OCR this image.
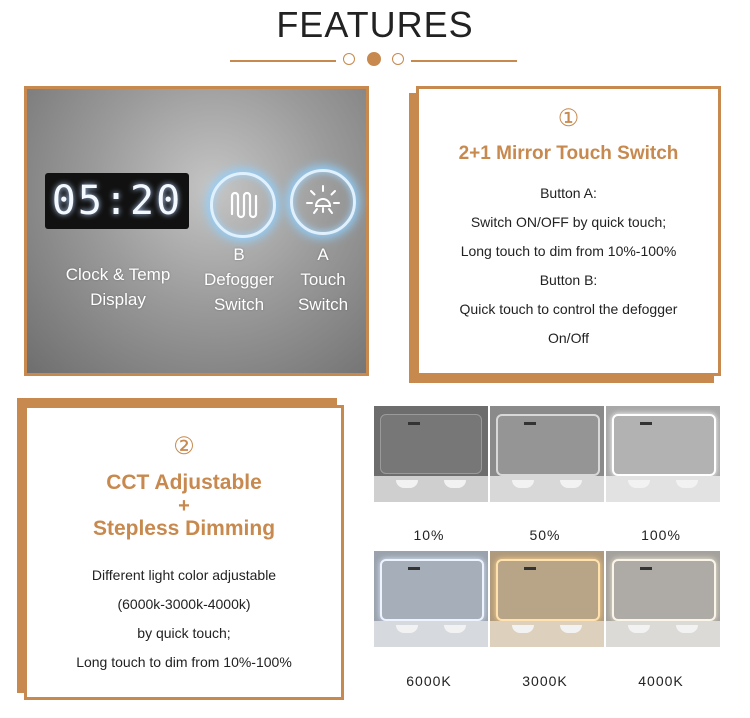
FEATURES
05:20
Clock & Temp
Display
B
Defogger
Switch
A
Touch
Switch
①
2+1 Mirror Touch Switch
Button A:
Switch ON/OFF by quick touch;
Long touch to dim from 10%-100%
Button B:
Quick touch to control the defogger
On/Off
②
CCT Adjustable
+
Stepless Dimming
Different light color adjustable
(6000k-3000k-4000k)
by quick touch;
Long touch to dim from 10%-100%
10%	50%	100%
6000K	3000K	4000K
